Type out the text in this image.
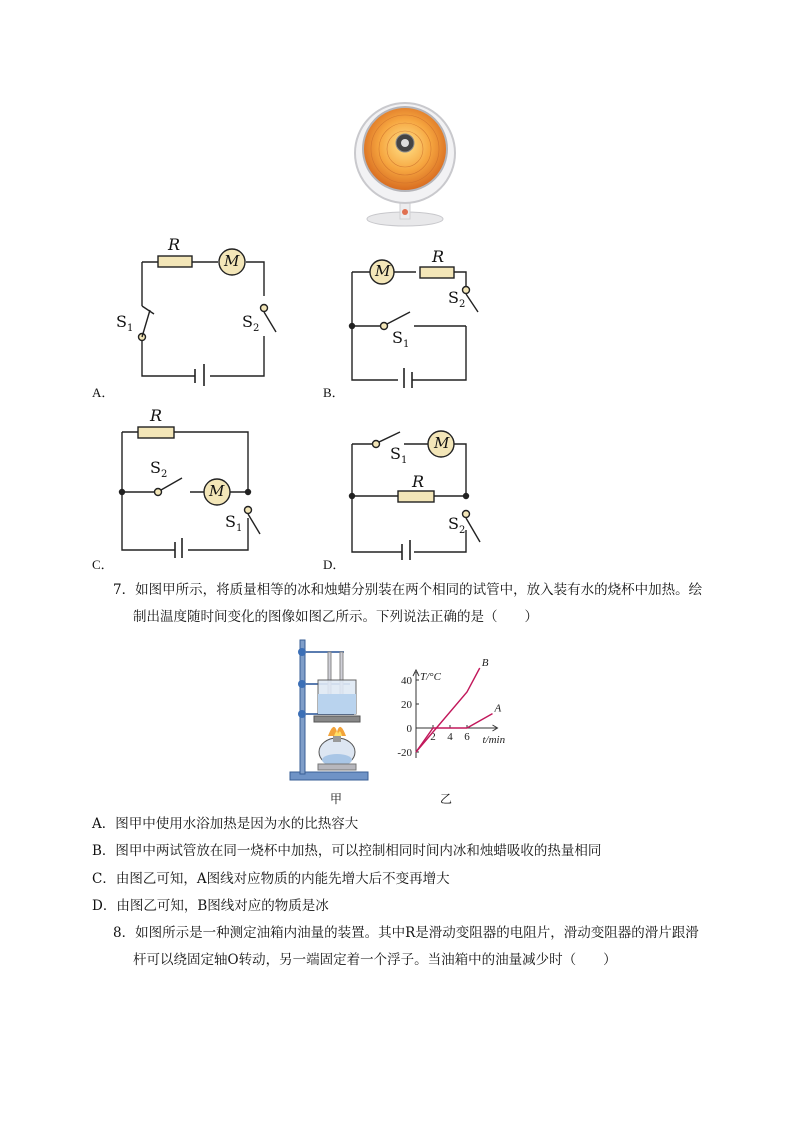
R
M
$S_1$	$S_2$
A．
R
M
$S_2$
$S_1$
B．
R
$S_2$
M
$S_1$
C．
$S_1$
M
R
$S_2$
D．
7．如图甲所示，将质量相等的冰和烛蜡分别装在两个相同的试管中，放入装有水的烧杯中加热。绘
制出温度随时间变化的图像如图乙所示。下列说法正确的是（　　）
甲
40
20
0
-20
2 4 6
T/°C
t/min
A
B
乙
A．图甲中使用水浴加热是因为水的比热容大
B．图甲中两试管放在同一烧杯中加热，可以控制相同时间内冰和烛蜡吸收的热量相同
C．由图乙可知，A图线对应物质的内能先增大后不变再增大
D．由图乙可知，B图线对应的物质是冰
8．如图所示是一种测定油箱内油量的装置。其中R是滑动变阻器的电阻片，滑动变阻器的滑片跟滑
杆可以绕固定轴O转动，另一端固定着一个浮子。当油箱中的油量减少时（　　）
